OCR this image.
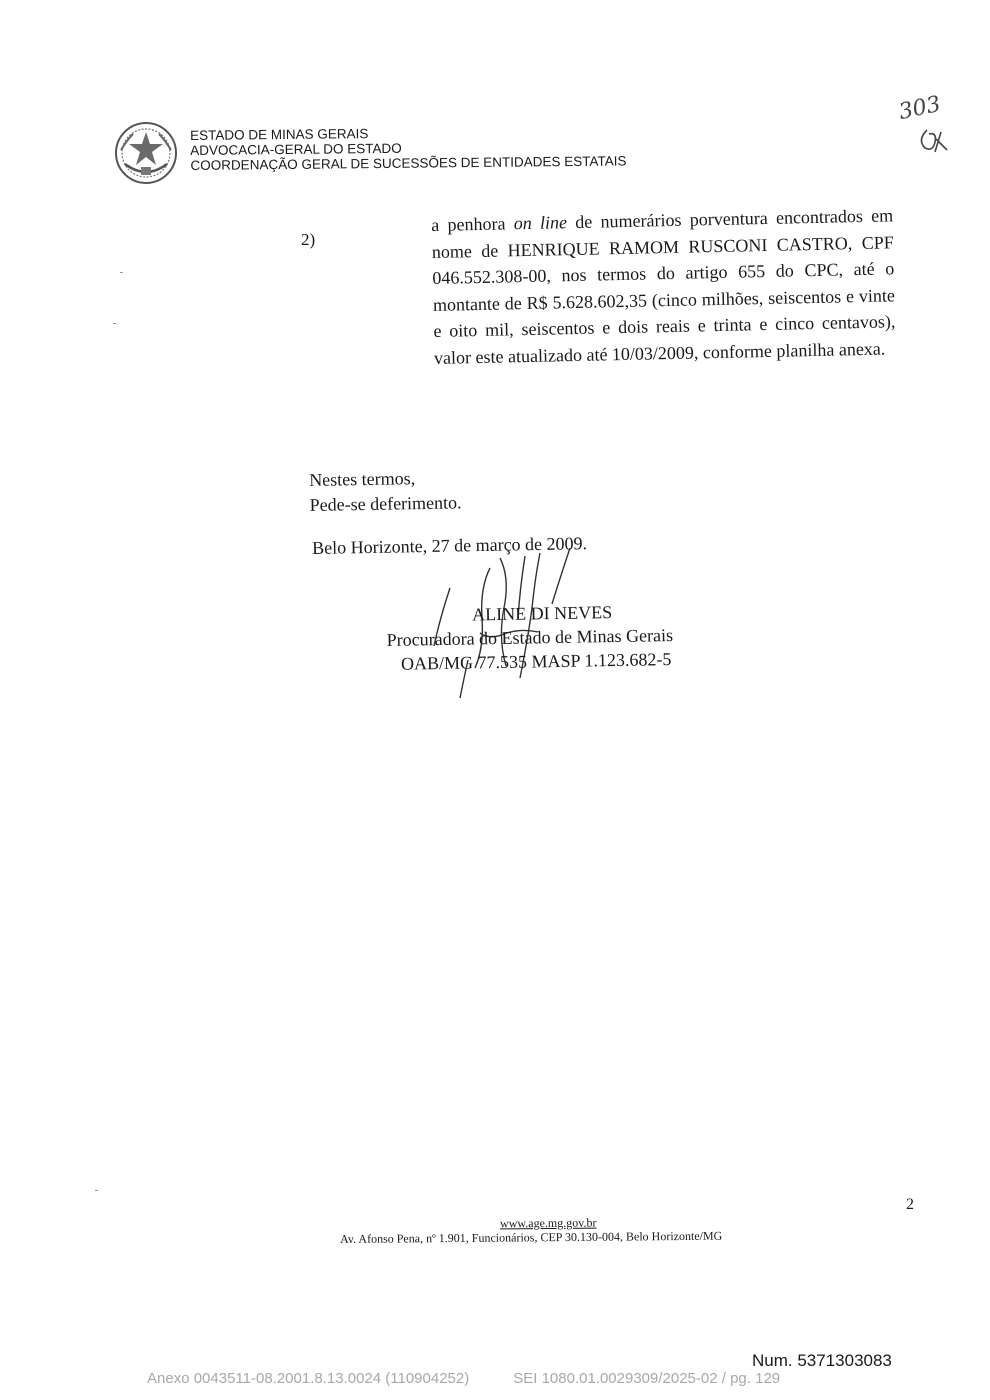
ESTADO DE MINAS GERAIS
ADVOCACIA-GERAL DO ESTADO
COORDENAÇÃO GERAL DE SUCESSÕES DE ENTIDADES ESTATAIS
303
2)
a penhora on line de numerários porventura encontrados em nome de HENRIQUE RAMOM RUSCONI CASTRO, CPF 046.552.308-00, nos termos do artigo 655 do CPC, até o montante de R$ 5.628.602,35 (cinco milhões, seiscentos e vinte e oito mil, seiscentos e dois reais e trinta e cinco centavos), valor este atualizado até 10/03/2009, conforme planilha anexa.
Nestes termos,
Pede-se deferimento.
Belo Horizonte, 27 de março de 2009.
ALINE DI NEVES
Procuradora do Estado de Minas Gerais
OAB/MG 77.535 MASP 1.123.682-5
2
www.age.mg.gov.br
Av. Afonso Pena, nº 1.901, Funcionários, CEP 30.130-004, Belo Horizonte/MG
Num. 5371303083
Anexo 0043511-08.2001.8.13.0024 (110904252)	SEI 1080.01.0029309/2025-02 / pg. 129
